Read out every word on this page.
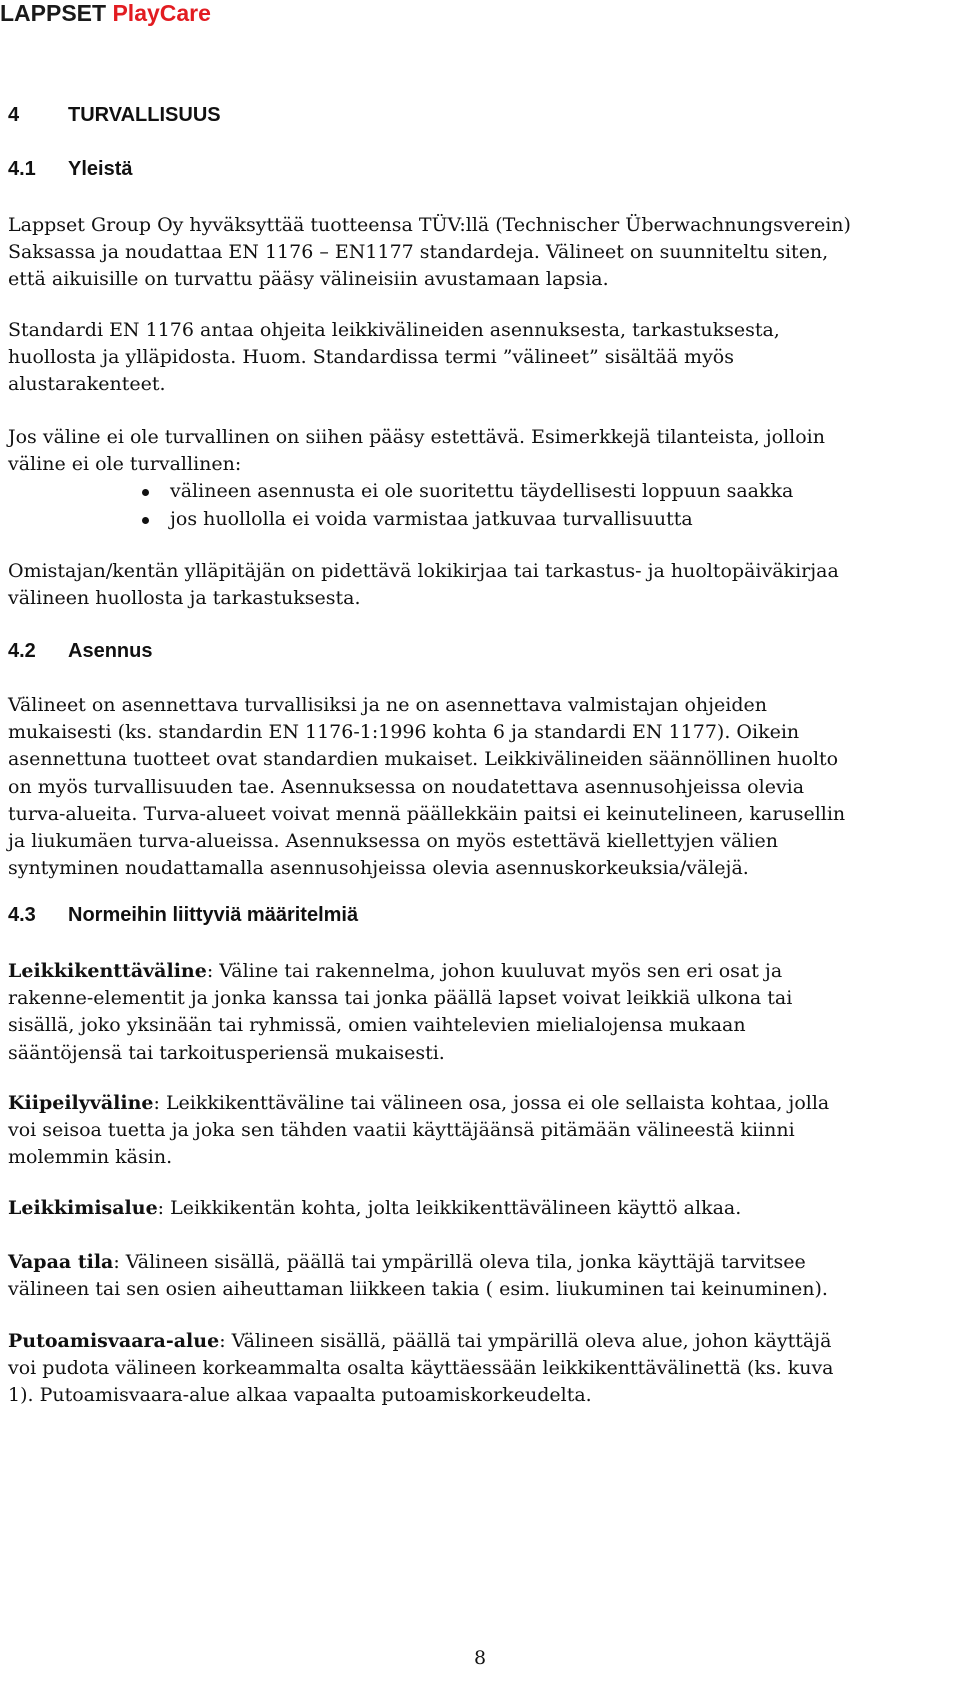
LAPPSET PlayCare
4 TURVALLISUUS
4.1 Yleistä
Lappset Group Oy hyväksyttää tuotteensa TÜV:llä (Technischer Überwachnungsverein)
Saksassa ja noudattaa EN 1176 – EN1177 standardeja. Välineet on suunniteltu siten,
että aikuisille on turvattu pääsy välineisiin avustamaan lapsia.
Standardi EN 1176 antaa ohjeita leikkivälineiden asennuksesta, tarkastuksesta,
huollosta ja ylläpidosta. Huom. Standardissa termi ”välineet” sisältää myös
alustarakenteet.
Jos väline ei ole turvallinen on siihen pääsy estettävä. Esimerkkejä tilanteista, jolloin
väline ei ole turvallinen:
välineen asennusta ei ole suoritettu täydellisesti loppuun saakka
jos huollolla ei voida varmistaa jatkuvaa turvallisuutta
Omistajan/kentän ylläpitäjän on pidettävä lokikirjaa tai tarkastus- ja huoltopäiväkirjaa
välineen huollosta ja tarkastuksesta.
4.2 Asennus
Välineet on asennettava turvallisiksi ja ne on asennettava valmistajan ohjeiden
mukaisesti (ks. standardin EN 1176-1:1996 kohta 6 ja standardi EN 1177). Oikein
asennettuna tuotteet ovat standardien mukaiset. Leikkivälineiden säännöllinen huolto
on myös turvallisuuden tae. Asennuksessa on noudatettava asennusohjeissa olevia
turva-alueita. Turva-alueet voivat mennä päällekkäin paitsi ei keinutelineen, karusellin
ja liukumäen turva-alueissa. Asennuksessa on myös estettävä kiellettyjen välien
syntyminen noudattamalla asennusohjeissa olevia asennuskorkeuksia/välejä.
4.3 Normeihin liittyviä määritelmiä
Leikkikenttäväline: Väline tai rakennelma, johon kuuluvat myös sen eri osat ja
rakenne-elementit ja jonka kanssa tai jonka päällä lapset voivat leikkiä ulkona tai
sisällä, joko yksinään tai ryhmissä, omien vaihtelevien mielialojensa mukaan
sääntöjensä tai tarkoitusperiensä mukaisesti.
Kiipeilyväline: Leikkikenttäväline tai välineen osa, jossa ei ole sellaista kohtaa, jolla
voi seisoa tuetta ja joka sen tähden vaatii käyttäjäänsä pitämään välineestä kiinni
molemmin käsin.
Leikkimisalue: Leikkikentän kohta, jolta leikkikenttävälineen käyttö alkaa.
Vapaa tila: Välineen sisällä, päällä tai ympärillä oleva tila, jonka käyttäjä tarvitsee
välineen tai sen osien aiheuttaman liikkeen takia ( esim. liukuminen tai keinuminen).
Putoamisvaara-alue: Välineen sisällä, päällä tai ympärillä oleva alue, johon käyttäjä
voi pudota välineen korkeammalta osalta käyttäessään leikkikenttävälinettä (ks. kuva
1). Putoamisvaara-alue alkaa vapaalta putoamiskorkeudelta.
8
